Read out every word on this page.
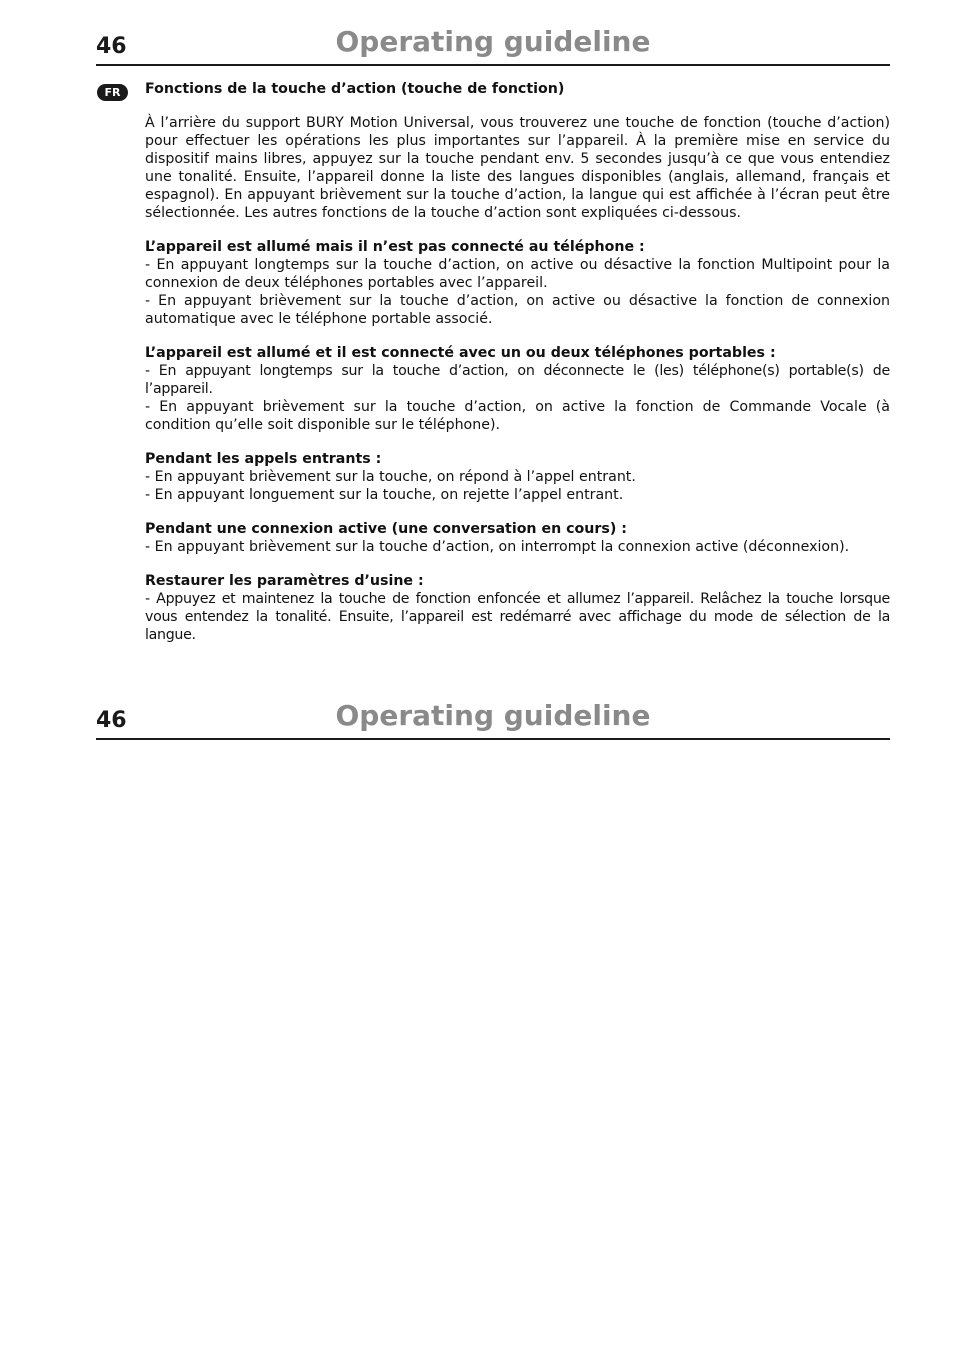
46	Operating guideline
FR	Fonctions de la touche d’action (touche de fonction)

À l’arrière du support BURY Motion Universal, vous trouverez une touche de fonction (touche d’action) pour effectuer les opérations les plus importantes sur l’appareil. À la première mise en service du dispositif mains libres, appuyez sur la touche pendant env. 5 secondes jusqu’à ce que vous entendiez une tonalité. Ensuite, l’appareil donne la liste des langues disponibles (anglais, allemand, français et espagnol). En appuyant brièvement sur la touche d’action, la langue qui est affichée à l’écran peut être sélectionnée. Les autres fonctions de la touche d’action sont expliquées ci-dessous.

L’appareil est allumé mais il n’est pas connecté au téléphone :

- En appuyant longtemps sur la touche d’action, on active ou désactive la fonction Multipoint pour la connexion de deux téléphones portables avec l’appareil.

- En appuyant brièvement sur la touche d’action, on active ou désactive la fonction de connexion automatique avec le téléphone portable associé.

L’appareil est allumé et il est connecté avec un ou deux téléphones portables :

- En appuyant longtemps sur la touche d’action, on déconnecte le (les) téléphone(s) portable(s) de l’appareil.

- En appuyant brièvement sur la touche d’action, on active la fonction de Commande Vocale (à condition qu’elle soit disponible sur le téléphone).

Pendant les appels entrants :

- En appuyant brièvement sur la touche, on répond à l’appel entrant.

- En appuyant longuement sur la touche, on rejette l’appel entrant.

Pendant une connexion active (une conversation en cours) :

- En appuyant brièvement sur la touche d’action, on interrompt la connexion active (déconnexion).

Restaurer les paramètres d’usine :

- Appuyez et maintenez la touche de fonction enfoncée et allumez l’appareil. Relâchez la touche lorsque vous entendez la tonalité. Ensuite, l’appareil est redémarré avec affichage du mode de sélection de la langue.

46	Operating guideline
